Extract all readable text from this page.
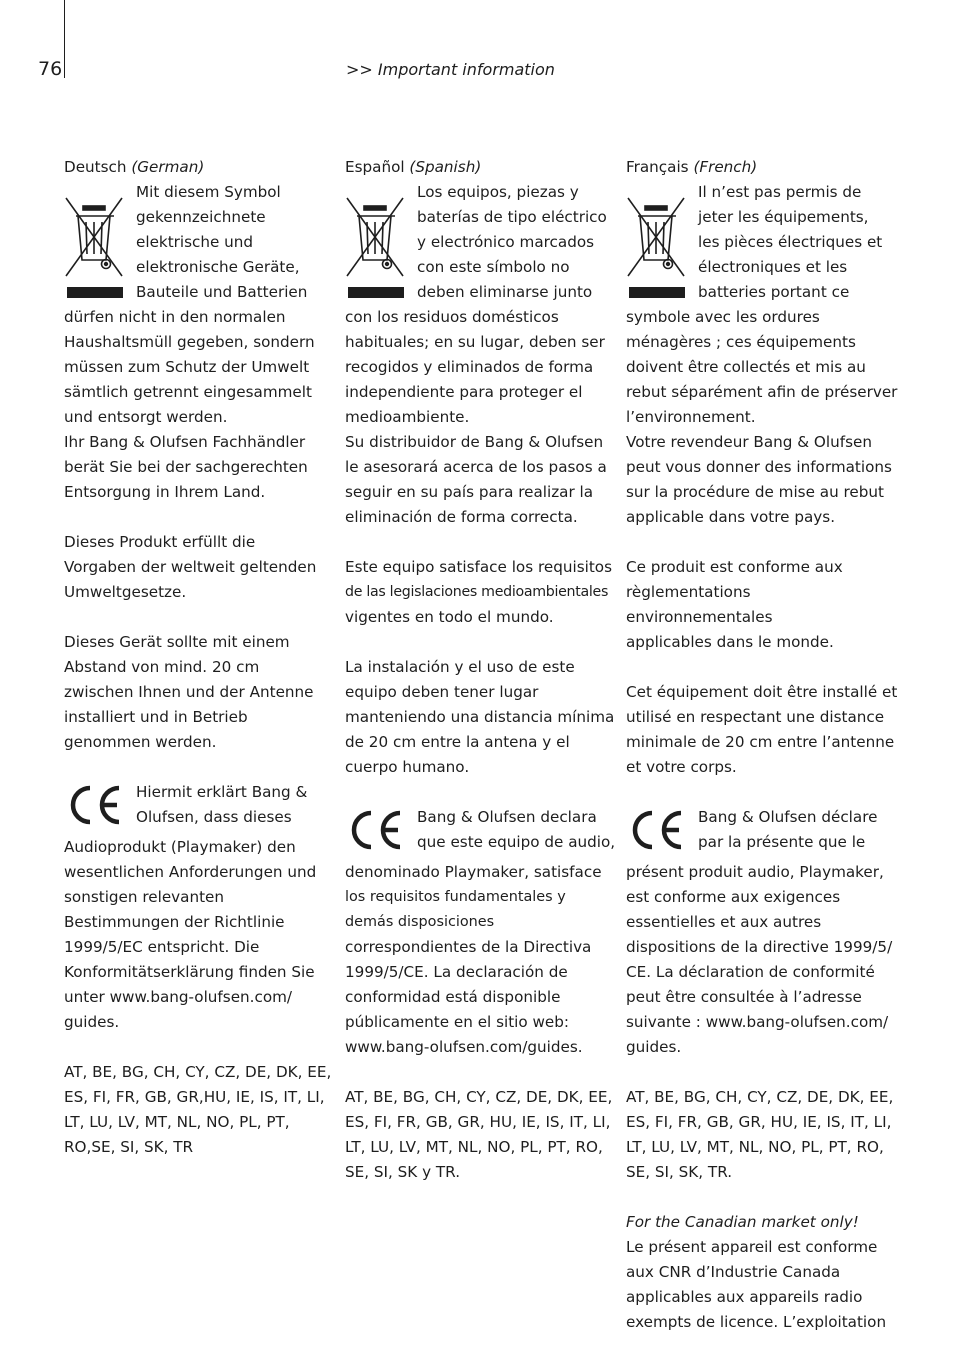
76	>> Important information

Deutsch (German)

Mit diesem Symbol

gekennzeichnete

elektrische und

elektronische Geräte,

Bauteile und Batterien

dürfen nicht in den normalen

Haushaltsmüll gegeben, sondern

müssen zum Schutz der Umwelt

sämtlich getrennt eingesammelt

und entsorgt werden.

Ihr Bang & Olufsen Fachhändler

berät Sie bei der sachgerechten

Entsorgung in Ihrem Land.

Dieses Produkt erfüllt die

Vorgaben der weltweit geltenden

Umweltgesetze.

Dieses Gerät sollte mit einem

Abstand von mind. 20 cm

zwischen Ihnen und der Antenne

installiert und in Betrieb

genommen werden.

Hiermit erklärt Bang &

Olufsen, dass dieses

Audioprodukt (Playmaker) den

wesentlichen Anforderungen und

sonstigen relevanten

Bestimmungen der Richtlinie

1999/5/EC entspricht. Die

Konformitätserklärung finden Sie

unter www.bang-olufsen.com/

guides.

AT, BE, BG, CH, CY, CZ, DE, DK, EE,

ES, FI, FR, GB, GR,HU, IE, IS, IT, LI,

LT, LU, LV, MT, NL, NO, PL, PT,

RO,SE, SI, SK, TR

Español (Spanish)

Los equipos, piezas y

baterías de tipo eléctrico

y electrónico marcados

con este símbolo no

deben eliminarse junto

con los residuos domésticos

habituales; en su lugar, deben ser

recogidos y eliminados de forma

independiente para proteger el

medioambiente.

Su distribuidor de Bang & Olufsen

le asesorará acerca de los pasos a

seguir en su país para realizar la

eliminación de forma correcta.

Este equipo satisface los requisitos

de las legislaciones medioambientales

vigentes en todo el mundo.

La instalación y el uso de este

equipo deben tener lugar

manteniendo una distancia mínima

de 20 cm entre la antena y el

cuerpo humano.

Bang & Olufsen declara

que este equipo de audio,

denominado Playmaker, satisface

los requisitos fundamentales y

demás disposiciones

correspondientes de la Directiva

1999/5/CE. La declaración de

conformidad está disponible

públicamente en el sitio web:

www.bang-olufsen.com/guides.

AT, BE, BG, CH, CY, CZ, DE, DK, EE,

ES, FI, FR, GB, GR, HU, IE, IS, IT, LI,

LT, LU, LV, MT, NL, NO, PL, PT, RO,

SE, SI, SK y TR.

Français (French)

Il n’est pas permis de

jeter les équipements,

les pièces électriques et

électroniques et les

batteries portant ce

symbole avec les ordures

ménagères ; ces équipements

doivent être collectés et mis au

rebut séparément afin de préserver

l’environnement.

Votre revendeur Bang & Olufsen

peut vous donner des informations

sur la procédure de mise au rebut

applicable dans votre pays.

Ce produit est conforme aux

règlementations environnementales

applicables dans le monde.

Cet équipement doit être installé et

utilisé en respectant une distance

minimale de 20 cm entre l’antenne

et votre corps.

Bang & Olufsen déclare

par la présente que le

présent produit audio, Playmaker,

est conforme aux exigences

essentielles et aux autres

dispositions de la directive 1999/5/

CE. La déclaration de conformité

peut être consultée à l’adresse

suivante : www.bang-olufsen.com/

guides.

AT, BE, BG, CH, CY, CZ, DE, DK, EE,

ES, FI, FR, GB, GR, HU, IE, IS, IT, LI,

LT, LU, LV, MT, NL, NO, PL, PT, RO,

SE, SI, SK, TR.

For the Canadian market only!

Le présent appareil est conforme

aux CNR d’Industrie Canada

applicables aux appareils radio

exempts de licence. L’exploitation
